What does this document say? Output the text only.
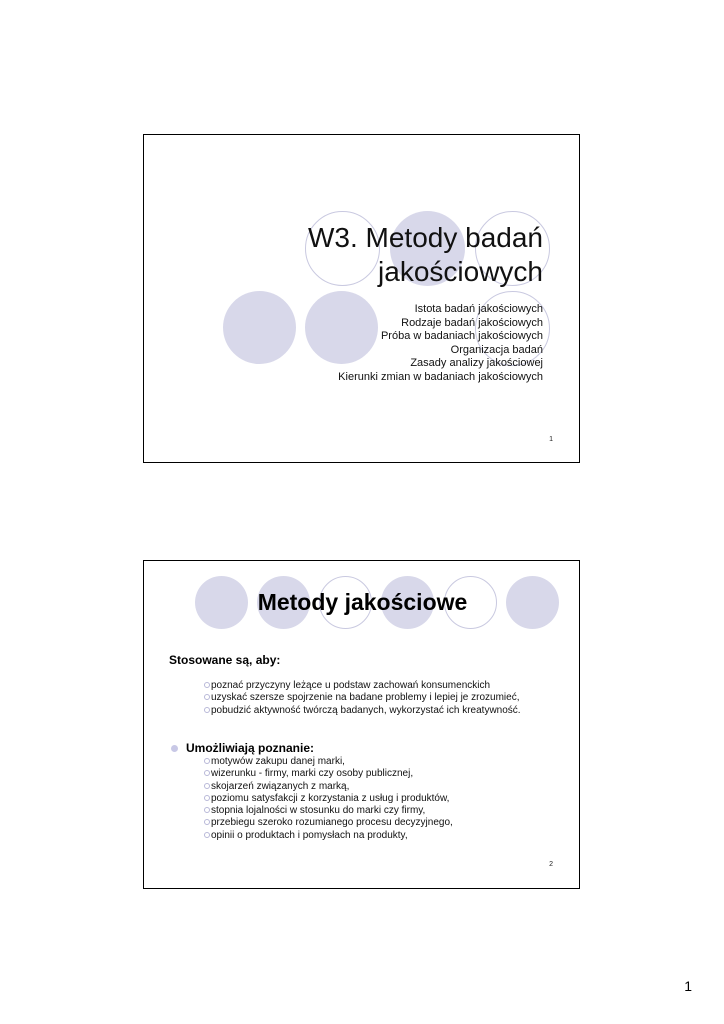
W3. Metody badań
jakościowych
Istota badań jakościowych
Rodzaje badań jakościowych
Próba w badaniach jakościowych
Organizacja badań
Zasady analizy jakościowej
Kierunki zmian w badaniach jakościowych
1
Metody jakościowe
Stosowane są, aby:
poznać przyczyny leżące u podstaw zachowań konsumenckich
uzyskać szersze spojrzenie na badane problemy i lepiej je zrozumieć,
pobudzić aktywność twórczą badanych, wykorzystać ich kreatywność.
Umożliwiają poznanie:
motywów zakupu danej marki,
wizerunku - firmy, marki czy osoby publicznej,
skojarzeń związanych z marką,
poziomu satysfakcji z korzystania z usług i produktów,
stopnia lojalności w stosunku do marki czy firmy,
przebiegu szeroko rozumianego procesu decyzyjnego,
opinii o produktach i pomysłach na produkty,
2
1
